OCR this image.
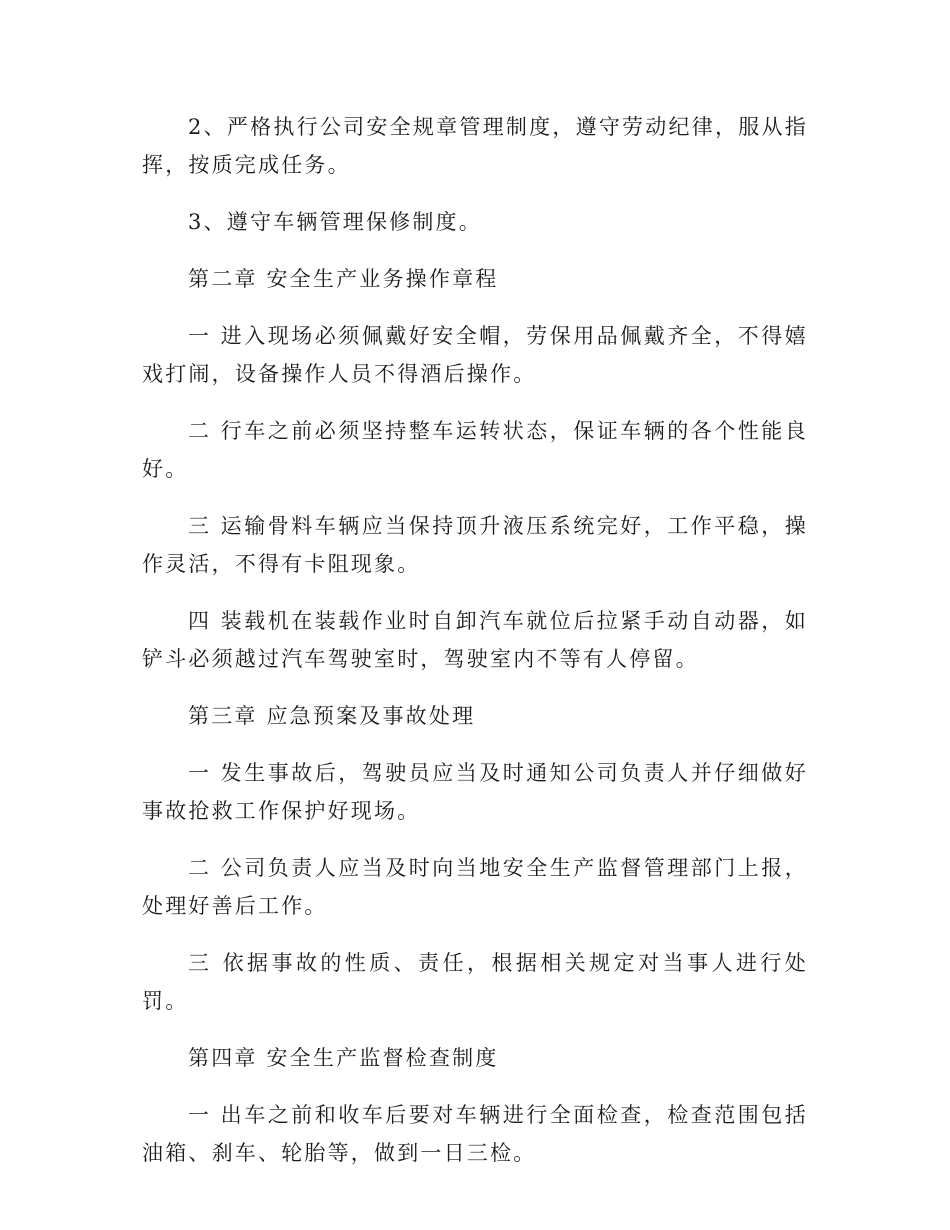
2、严格执行公司安全规章管理制度，遵守劳动纪律，服从指挥，按质完成任务。

3、遵守车辆管理保修制度。

第二章 安全生产业务操作章程

一 进入现场必须佩戴好安全帽，劳保用品佩戴齐全，不得嬉戏打闹，设备操作人员不得酒后操作。

二 行车之前必须坚持整车运转状态，保证车辆的各个性能良好。

三 运输骨料车辆应当保持顶升液压系统完好，工作平稳，操作灵活，不得有卡阻现象。

四 装载机在装载作业时自卸汽车就位后拉紧手动自动器，如铲斗必须越过汽车驾驶室时，驾驶室内不等有人停留。

第三章 应急预案及事故处理

一 发生事故后，驾驶员应当及时通知公司负责人并仔细做好事故抢救工作保护好现场。

二 公司负责人应当及时向当地安全生产监督管理部门上报，处理好善后工作。

三 依据事故的性质、责任，根据相关规定对当事人进行处罚。

第四章 安全生产监督检查制度

一 出车之前和收车后要对车辆进行全面检查，检查范围包括油箱、刹车、轮胎等，做到一日三检。
